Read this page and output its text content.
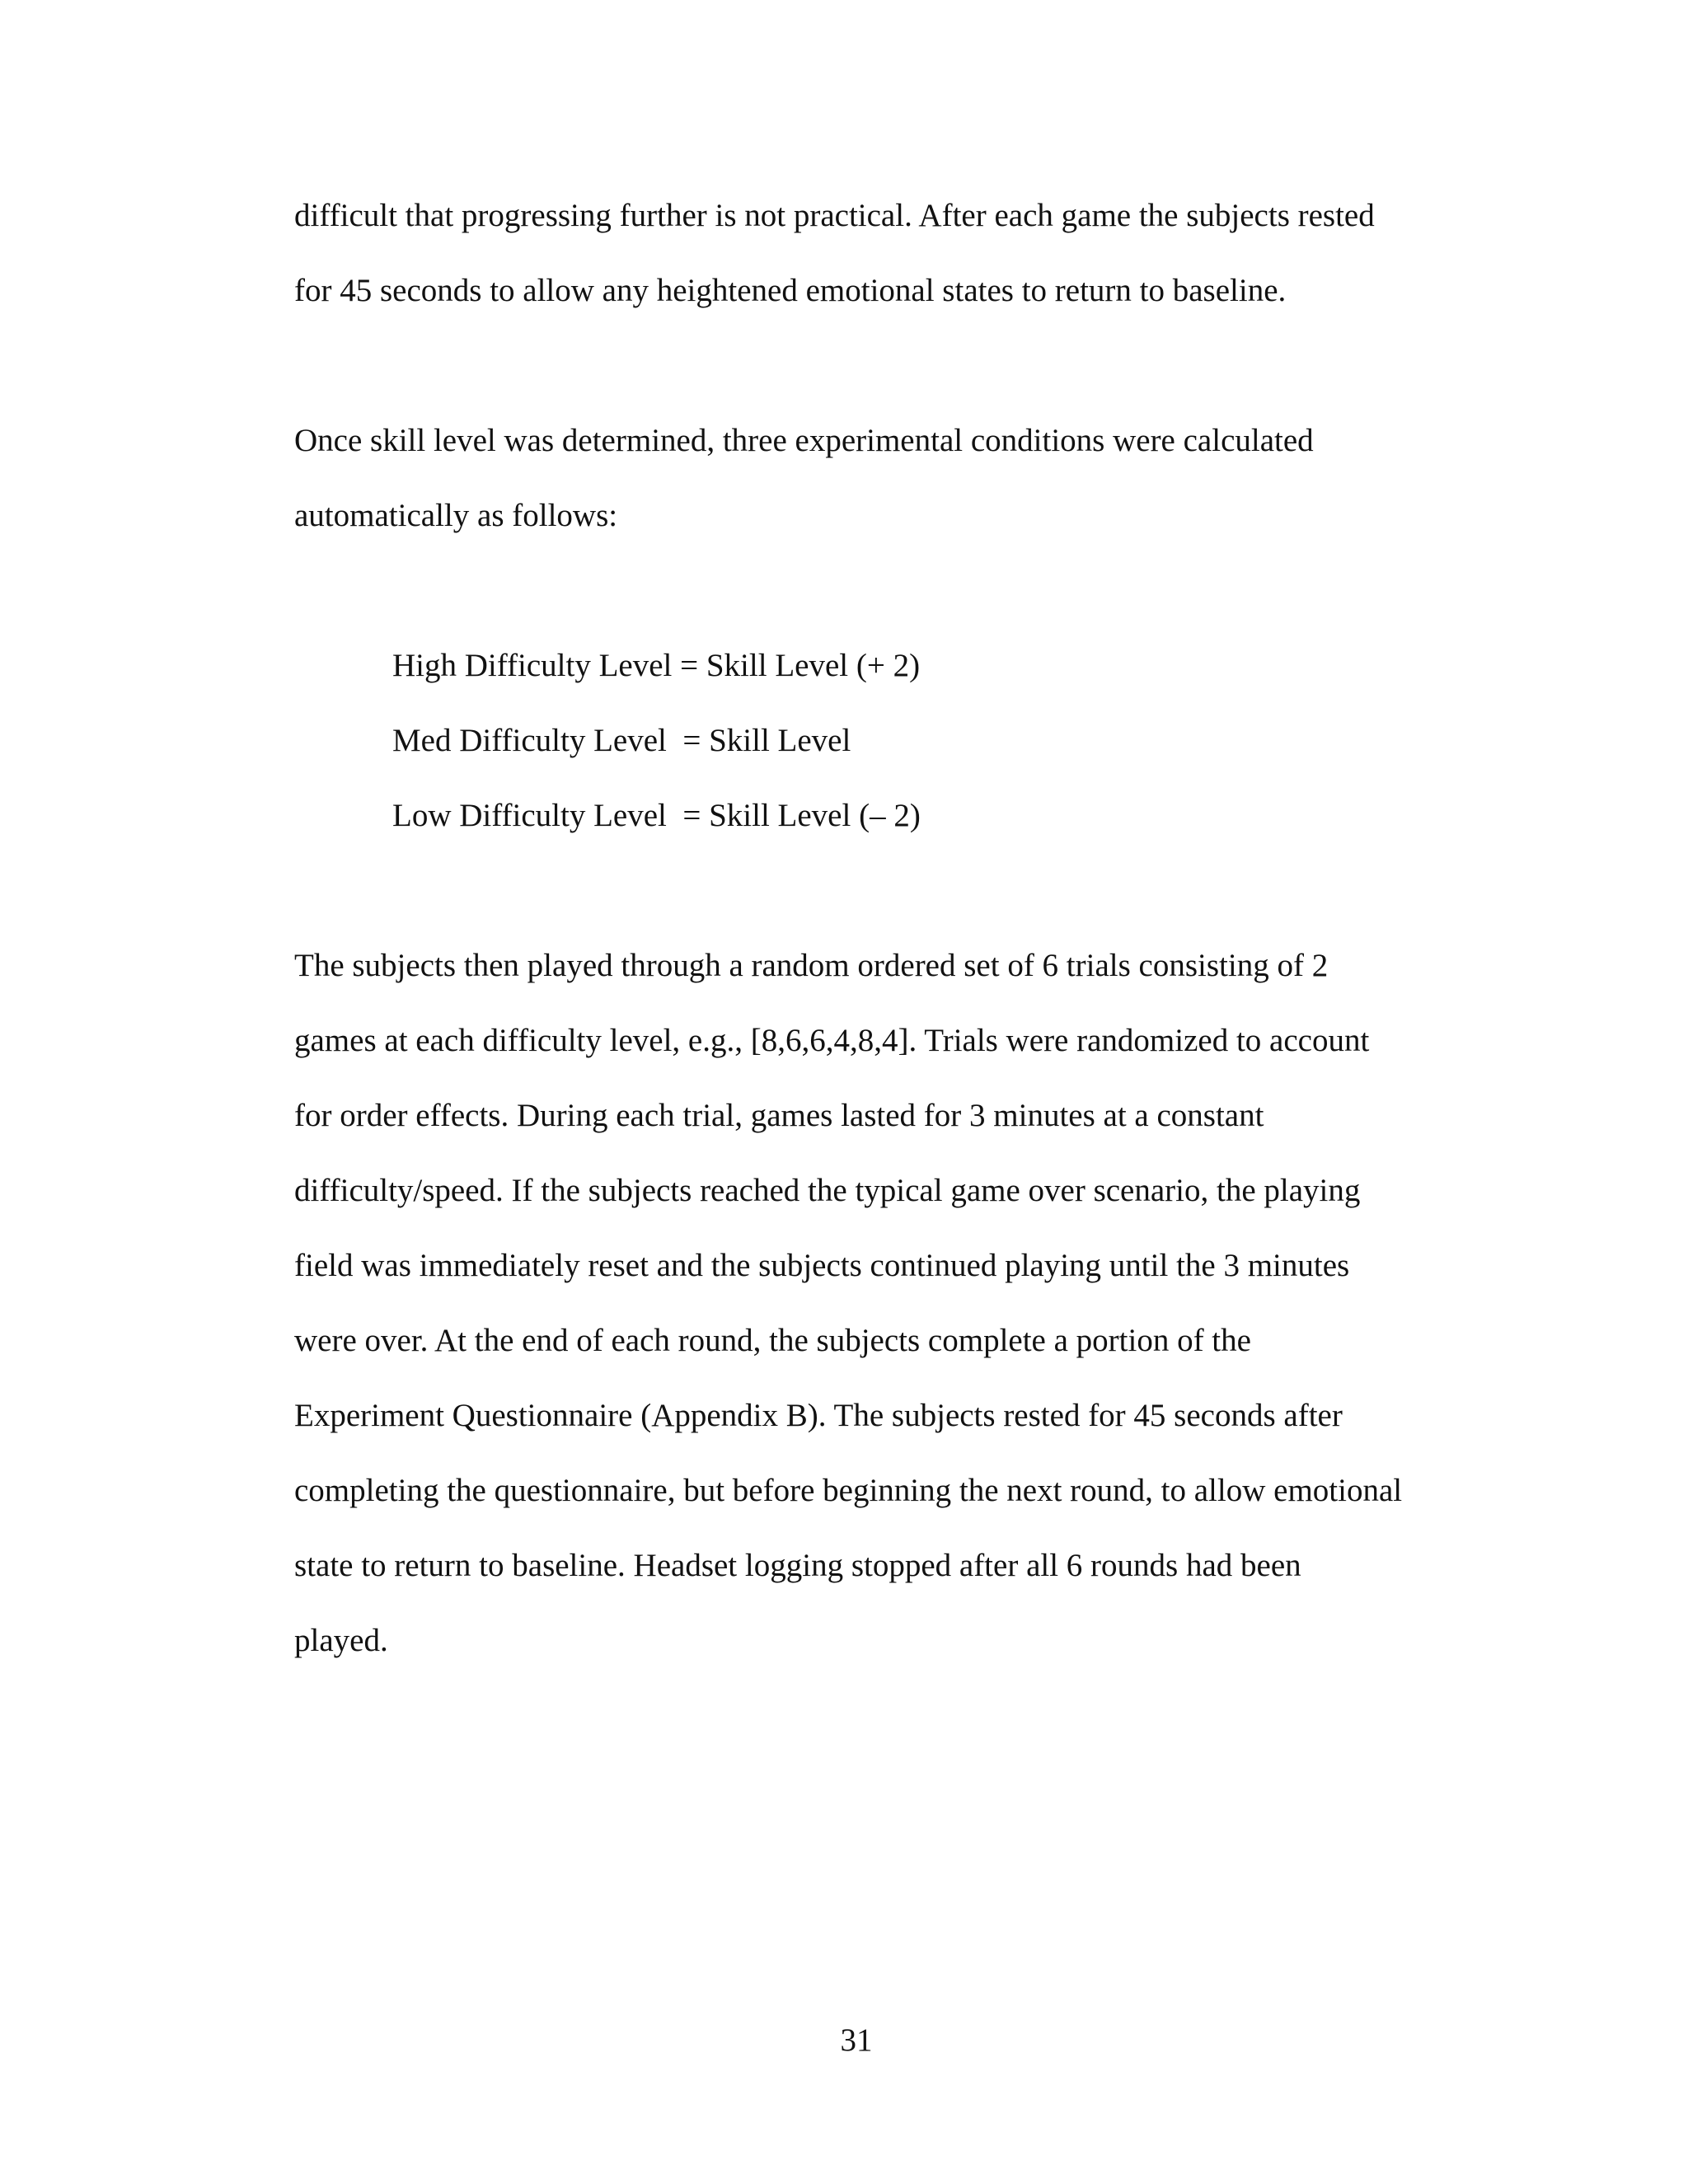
difficult that progressing further is not practical. After each game the subjects rested
for 45 seconds to allow any heightened emotional states to return to baseline.

Once skill level was determined, three experimental conditions were calculated
automatically as follows:

High Difficulty Level = Skill Level (+ 2)
Med Difficulty Level  = Skill Level
Low Difficulty Level  = Skill Level (– 2)

The subjects then played through a random ordered set of 6 trials consisting of 2
games at each difficulty level, e.g., [8,6,6,4,8,4]. Trials were randomized to account
for order effects. During each trial, games lasted for 3 minutes at a constant
difficulty/speed. If the subjects reached the typical game over scenario, the playing
field was immediately reset and the subjects continued playing until the 3 minutes
were over. At the end of each round, the subjects complete a portion of the
Experiment Questionnaire (Appendix B). The subjects rested for 45 seconds after
completing the questionnaire, but before beginning the next round, to allow emotional
state to return to baseline. Headset logging stopped after all 6 rounds had been
played.

31
